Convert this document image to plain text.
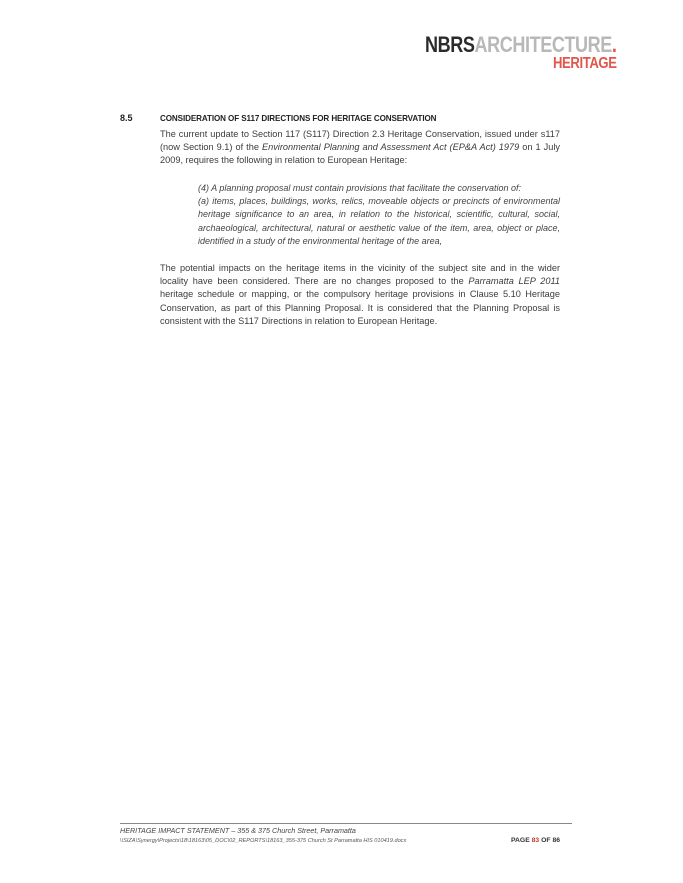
NBRSARCHITECTURE.
HERITAGE
8.5	CONSIDERATION OF S117 DIRECTIONS FOR HERITAGE CONSERVATION

The current update to Section 117 (S117) Direction 2.3 Heritage Conservation, issued under s117 (now Section 9.1) of the Environmental Planning and Assessment Act (EP&A Act) 1979 on 1 July 2009, requires the following in relation to European Heritage:

(4) A planning proposal must contain provisions that facilitate the conservation of:

(a) items, places, buildings, works, relics, moveable objects or precincts of environmental heritage significance to an area, in relation to the historical, scientific, cultural, social, archaeological, architectural, natural or aesthetic value of the item, area, object or place, identified in a study of the environmental heritage of the area,

The potential impacts on the heritage items in the vicinity of the subject site and in the wider locality have been considered. There are no changes proposed to the Parramatta LEP 2011 heritage schedule or mapping, or the compulsory heritage provisions in Clause 5.10 Heritage Conservation, as part of this Planning Proposal. It is considered that the Planning Proposal is consistent with the S117 Directions in relation to European Heritage.

HERITAGE IMPACT STATEMENT – 355 & 375 Church Street, Parramatta
\\SIZA\Synergy\Projects\18\18163\05_DOC\02_REPORTS\18163_355-375 Church St Parramatta HIS 010419.docx	PAGE 83 OF 86
